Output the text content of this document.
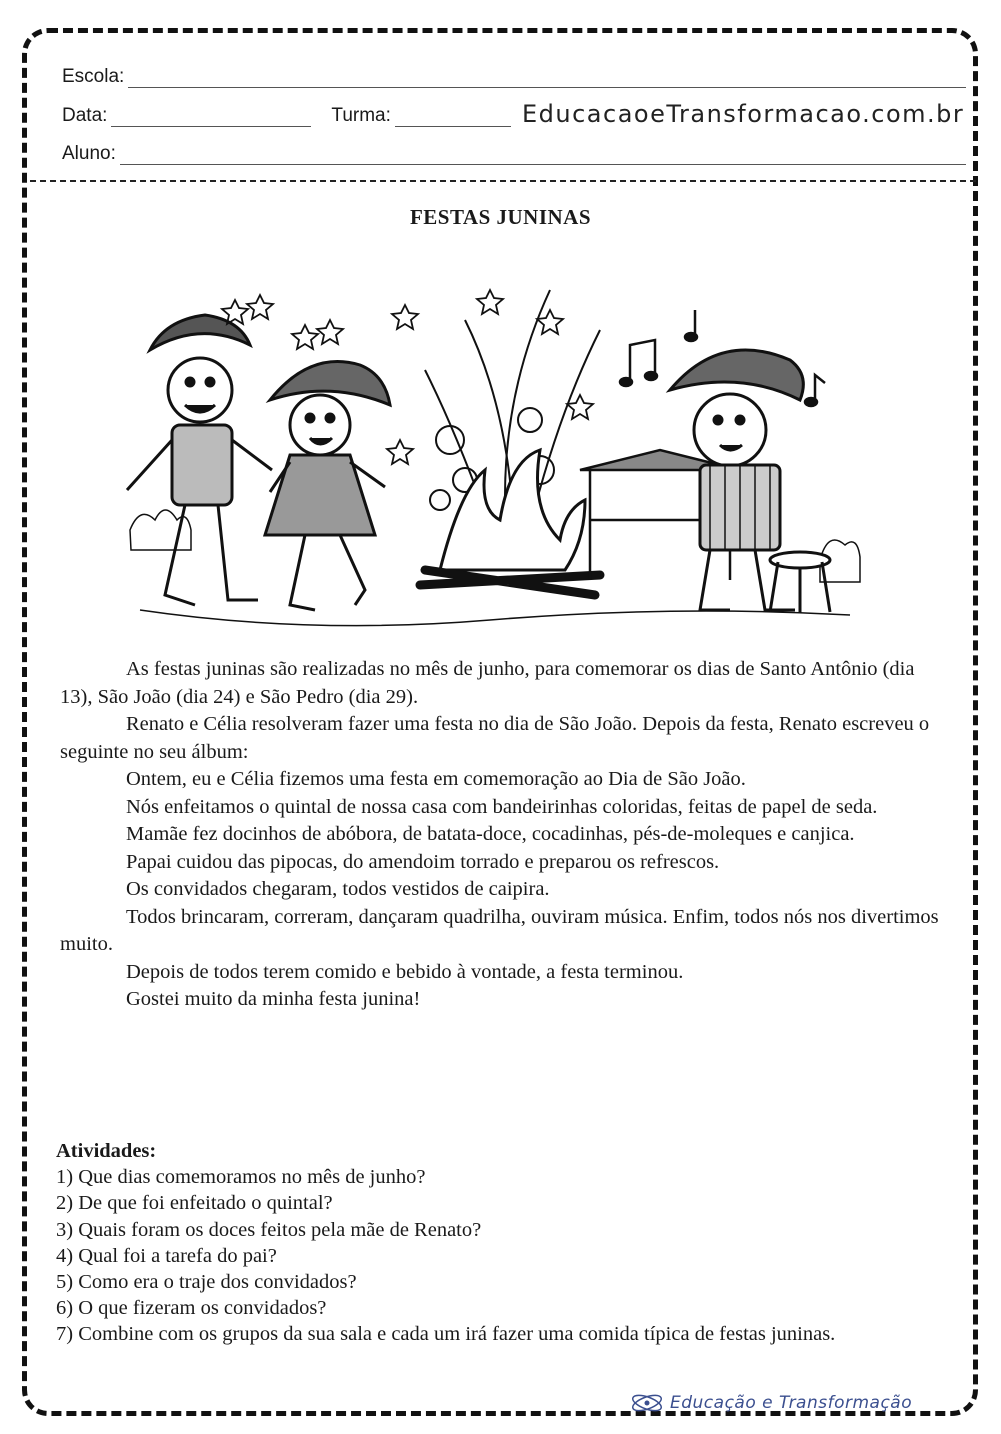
Escola:
Data:	Turma:	EducacaoeTransformacao.com.br
Aluno:
FESTAS JUNINAS

As festas juninas são realizadas no mês de junho, para comemorar os dias de Santo Antônio (dia 13), São João (dia 24) e São Pedro (dia 29).

Renato e Célia resolveram fazer uma festa no dia de São João. Depois da festa, Renato escreveu o seguinte no seu álbum:

Ontem, eu e Célia fizemos uma festa em comemoração ao Dia de São João.

Nós enfeitamos o quintal de nossa casa com bandeirinhas coloridas, feitas de papel de seda.

Mamãe fez docinhos de abóbora, de batata-doce, cocadinhas, pés-de-moleques e canjica.

Papai cuidou das pipocas, do amendoim torrado e preparou os refrescos.

Os convidados chegaram, todos vestidos de caipira.

Todos brincaram, correram, dançaram quadrilha, ouviram música. Enfim, todos nós nos divertimos muito.

Depois de todos terem comido e bebido à vontade, a festa terminou.

Gostei muito da minha festa junina!

Atividades:
1) Que dias comemoramos no mês de junho?
2) De que foi enfeitado o quintal?
3) Quais foram os doces feitos pela mãe de Renato?
4) Qual foi a tarefa do pai?
5) Como era o traje dos convidados?
6) O que fizeram os convidados?
7) Combine com os grupos da sua sala e cada um irá fazer uma comida típica de festas juninas.
Educação e Transformação
